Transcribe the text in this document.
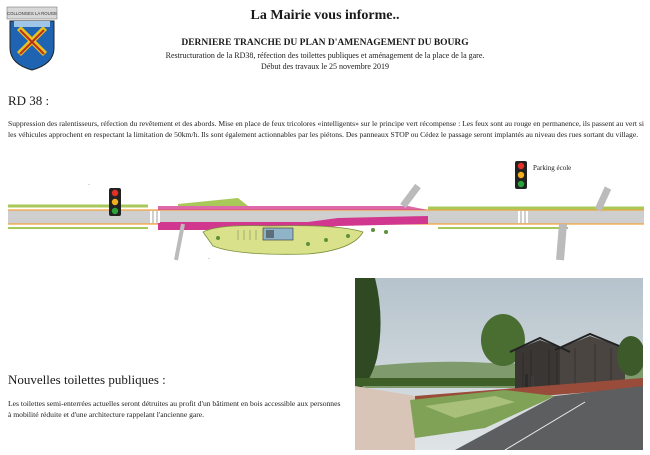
COLLONGES LA ROUGE	La Mairie vous informe..
DERNIERE TRANCHE DU PLAN D'AMENAGEMENT DU BOURG
Restructuration de la RD38, réfection des toilettes publiques et aménagement de la place de la gare.
Début des travaux le 25 novembre 2019
RD 38 :
Suppression des ralentisseurs, réfection du revêtement et des abords. Mise en place de feux tricolores «intelligents» sur le principe vert récompense : Les feux sont au rouge en permanence, ils passent au vert si les véhicules approchent en respectant la limitation de 50km/h. Ils sont également actionnables par les piétons. Des panneaux STOP ou Cédez le passage seront implantés au niveau des rues sortant du village.
Parking école
~
~
Nouvelles toilettes publiques :
Les toilettes semi-enterrées actuelles seront détruites au profit d'un bâtiment en bois accessible aux personnes à mobilité réduite et d'une architecture rappelant l'ancienne gare.
